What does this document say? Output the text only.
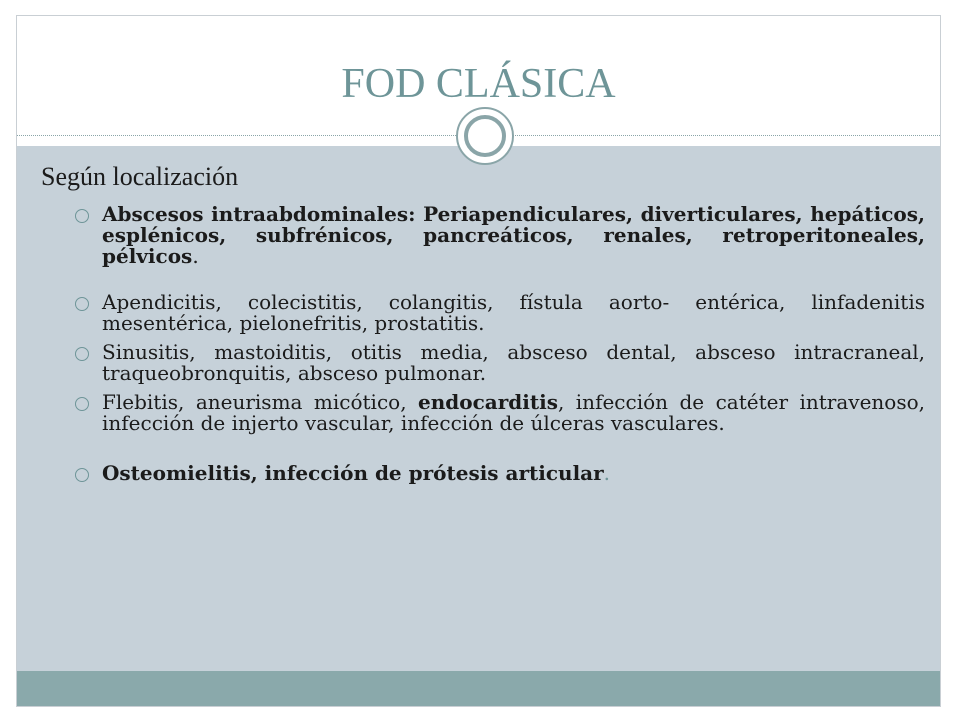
FOD CLÁSICA
Según localización
Abscesos intraabdominales: Periapendiculares, diverticulares, hepáticos, esplénicos, subfrénicos, pancreáticos, renales, retroperitoneales, pélvicos.
Apendicitis, colecistitis, colangitis, fístula aorto- entérica, linfadenitis mesentérica, pielonefritis, prostatitis.
Sinusitis, mastoiditis, otitis media, absceso dental, absceso intracraneal, traqueobronquitis, absceso pulmonar.
Flebitis, aneurisma micótico, endocarditis, infección de catéter intravenoso, infección de injerto vascular, infección de úlceras vasculares.
Osteomielitis, infección de prótesis articular.
